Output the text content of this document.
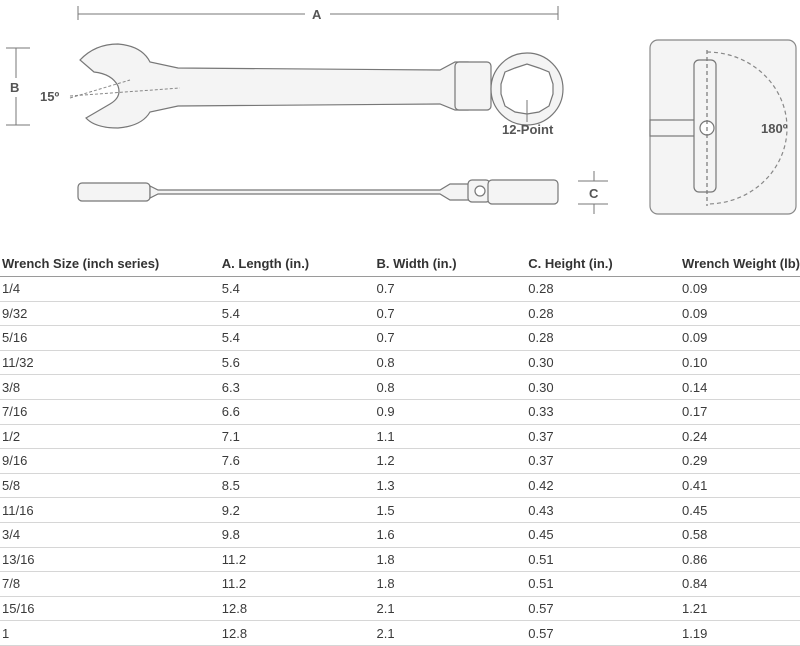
A
B
15º
12-Point
C
180º
Wrench Size (inch series)	A. Length (in.)	B. Width (in.)	C. Height (in.)	Wrench Weight (lb)
1/4	5.4	0.7	0.28	0.09
9/32	5.4	0.7	0.28	0.09
5/16	5.4	0.7	0.28	0.09
11/32	5.6	0.8	0.30	0.10
3/8	6.3	0.8	0.30	0.14
7/16	6.6	0.9	0.33	0.17
1/2	7.1	1.1	0.37	0.24
9/16	7.6	1.2	0.37	0.29
5/8	8.5	1.3	0.42	0.41
11/16	9.2	1.5	0.43	0.45
3/4	9.8	1.6	0.45	0.58
13/16	11.2	1.8	0.51	0.86
7/8	11.2	1.8	0.51	0.84
15/16	12.8	2.1	0.57	1.21
1	12.8	2.1	0.57	1.19
